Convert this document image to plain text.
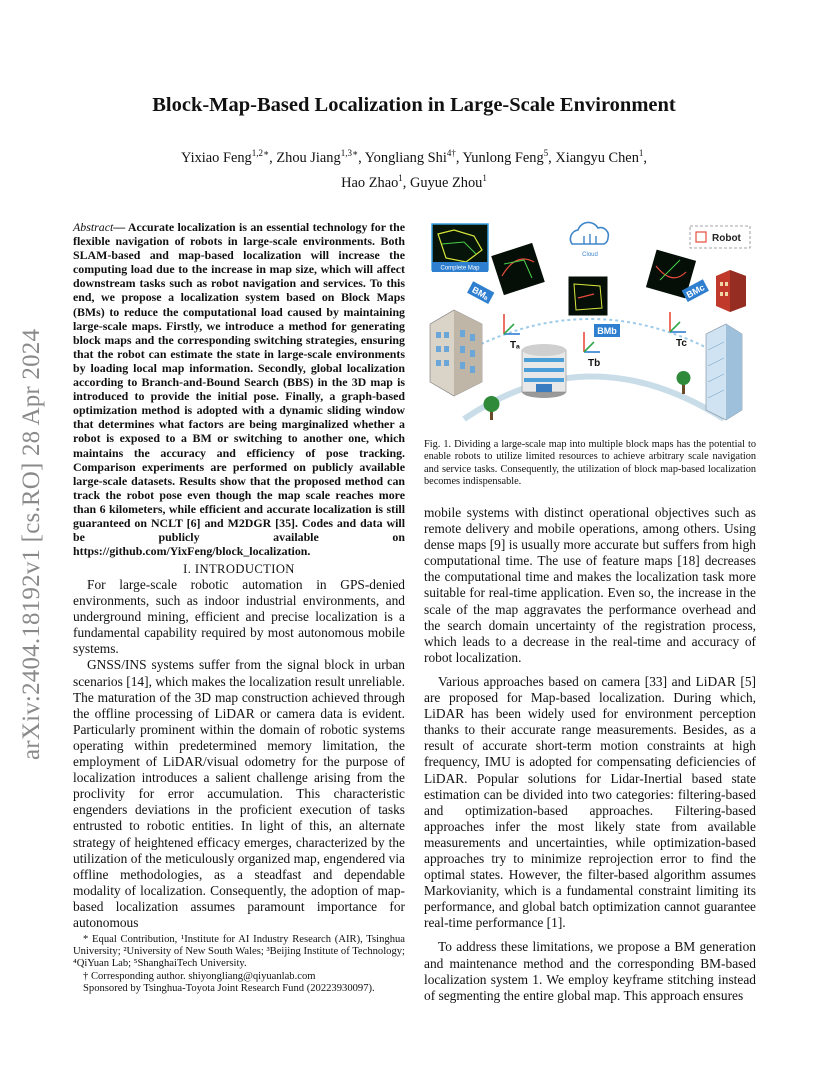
arXiv:2404.18192v1 [cs.RO] 28 Apr 2024
Block-Map-Based Localization in Large-Scale Environment
Yixiao Feng$^{1,2∗}$, Zhou Jiang$^{1,3∗}$, Yongliang Shi$^{4\dagger}$, Yunlong Feng$^5$, Xiangyu Chen$^1$,
Hao Zhao$^1$, Guyue Zhou$^1$
Abstract— Accurate localization is an essential technology for the flexible navigation of robots in large-scale environments. Both SLAM-based and map-based localization will increase the computing load due to the increase in map size, which will affect downstream tasks such as robot navigation and services. To this end, we propose a localization system based on Block Maps (BMs) to reduce the computational load caused by maintaining large-scale maps. Firstly, we introduce a method for generating block maps and the corresponding switching strategies, ensuring that the robot can estimate the state in large-scale environments by loading local map information. Secondly, global localization according to Branch-and-Bound Search (BBS) in the 3D map is introduced to provide the initial pose. Finally, a graph-based optimization method is adopted with a dynamic sliding window that determines what factors are being marginalized whether a robot is exposed to a BM or switching to another one, which maintains the accuracy and efficiency of pose tracking. Comparison experiments are performed on publicly available large-scale datasets. Results show that the proposed method can track the robot pose even though the map scale reaches more than 6 kilometers, while efficient and accurate localization is still guaranteed on NCLT [6] and M2DGR [35]. Codes and data will be publicly available on https://github.com/YixFeng/block_localization.
I. INTRODUCTION

For large-scale robotic automation in GPS-denied environments, such as indoor industrial environments, and underground mining, efficient and precise localization is a fundamental capability required by most autonomous mobile systems.

GNSS/INS systems suffer from the signal block in urban scenarios [14], which makes the localization result unreliable. The maturation of the 3D map construction achieved through the offline processing of LiDAR or camera data is evident. Particularly prominent within the domain of robotic systems operating within predetermined memory limitation, the employment of LiDAR/visual odometry for the purpose of localization introduces a salient challenge arising from the proclivity for error accumulation. This characteristic engenders deviations in the proficient execution of tasks entrusted to robotic entities. In light of this, an alternate strategy of heightened efficacy emerges, characterized by the utilization of the meticulously organized map, engendered via offline methodologies, as a steadfast and dependable modality of localization. Consequently, the adoption of map-based localization assumes paramount importance for autonomous

* Equal Contribution, ¹Institute for AI Industry Research (AIR), Tsinghua University; ²University of New South Wales; ³Beijing Institute of Technology; ⁴QiYuan Lab; ⁵ShanghaiTech University.

† Corresponding author. shiyongliang@qiyuanlab.com

Sponsored by Tsinghua-Toyota Joint Research Fund (20223930097).

Complete Map
BMₐ
BMb
BMc
Cloud
Robot
Tₐ
Tb
Tc
Fig. 1. Dividing a large-scale map into multiple block maps has the potential to enable robots to utilize limited resources to achieve arbitrary scale navigation and service tasks. Consequently, the utilization of block map-based localization becomes indispensable.

mobile systems with distinct operational objectives such as remote delivery and mobile operations, among others. Using dense maps [9] is usually more accurate but suffers from high computational time. The use of feature maps [18] decreases the computational time and makes the localization task more suitable for real-time application. Even so, the increase in the scale of the map aggravates the performance overhead and the search domain uncertainty of the registration process, which leads to a decrease in the real-time and accuracy of robot localization.

Various approaches based on camera [33] and LiDAR [5] are proposed for Map-based localization. During which, LiDAR has been widely used for environment perception thanks to their accurate range measurements. Besides, as a result of accurate short-term motion constraints at high frequency, IMU is adopted for compensating deficiencies of LiDAR. Popular solutions for Lidar-Inertial based state estimation can be divided into two categories: filtering-based and optimization-based approaches. Filtering-based approaches infer the most likely state from available measurements and uncertainties, while optimization-based approaches try to minimize reprojection error to find the optimal states. However, the filter-based algorithm assumes Markovianity, which is a fundamental constraint limiting its performance, and global batch optimization cannot guarantee real-time performance [1].

To address these limitations, we propose a BM generation and maintenance method and the corresponding BM-based localization system 1. We employ keyframe stitching instead of segmenting the entire global map. This approach ensures
